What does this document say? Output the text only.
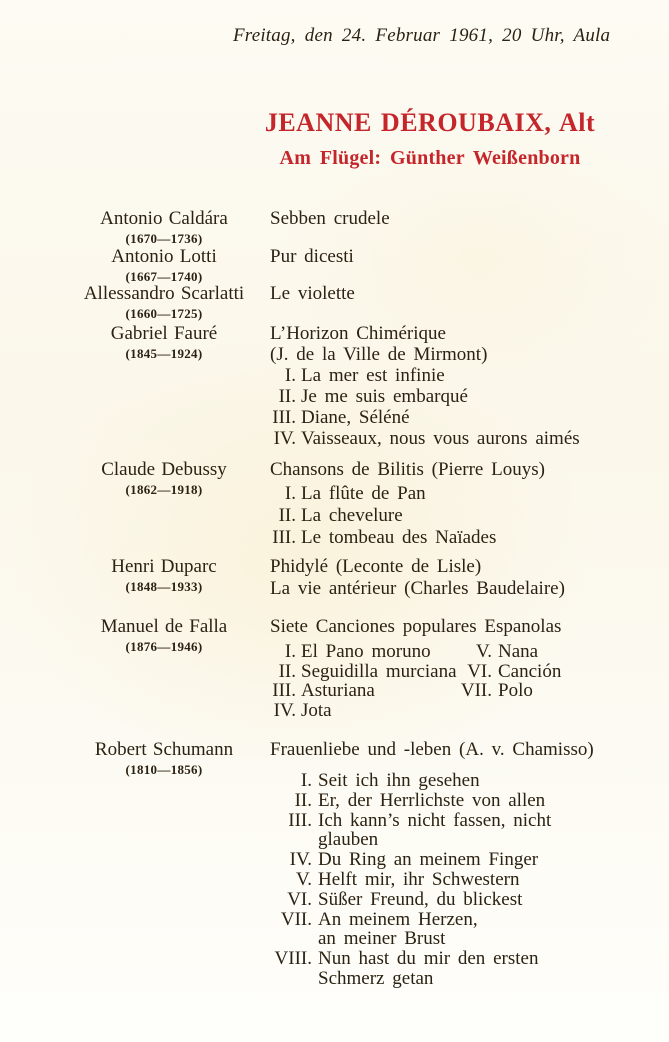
Freitag, den 24. Februar 1961, 20 Uhr, Aula
JEANNE DÉROUBAIX, Alt
Am Flügel: Günther Weißenborn
Antonio Caldára
(1670—1736)
Sebben crudele
Antonio Lotti
(1667—1740)
Pur dicesti
Allessandro Scarlatti
(1660—1725)
Le violette
Gabriel Fauré
(1845—1924)
L’Horizon Chimérique
(J. de la Ville de Mirmont)
I. La mer est infinie
II. Je me suis embarqué
III. Diane, Séléné
IV. Vaisseaux, nous vous aurons aimés
Claude Debussy
(1862—1918)
Chansons de Bilitis (Pierre Louys)
I. La flûte de Pan
II. La chevelure
III. Le tombeau des Naïades
Henri Duparc
(1848—1933)
Phidylé (Leconte de Lisle)
La vie antérieur (Charles Baudelaire)
Manuel de Falla
(1876—1946)
Siete Canciones populares Espanolas
I. El Pano moruno
II. Seguidilla murciana
III. Asturiana
IV. Jota
V. Nana
VI. Canción
VII. Polo
Robert Schumann
(1810—1856)
Frauenliebe und -leben (A. v. Chamisso)
I. Seit ich ihn gesehen
II. Er, der Herrlichste von allen
III. Ich kann’s nicht fassen, nicht
glauben
IV. Du Ring an meinem Finger
V. Helft mir, ihr Schwestern
VI. Süßer Freund, du blickest
VII. An meinem Herzen,
an meiner Brust
VIII. Nun hast du mir den ersten
Schmerz getan
